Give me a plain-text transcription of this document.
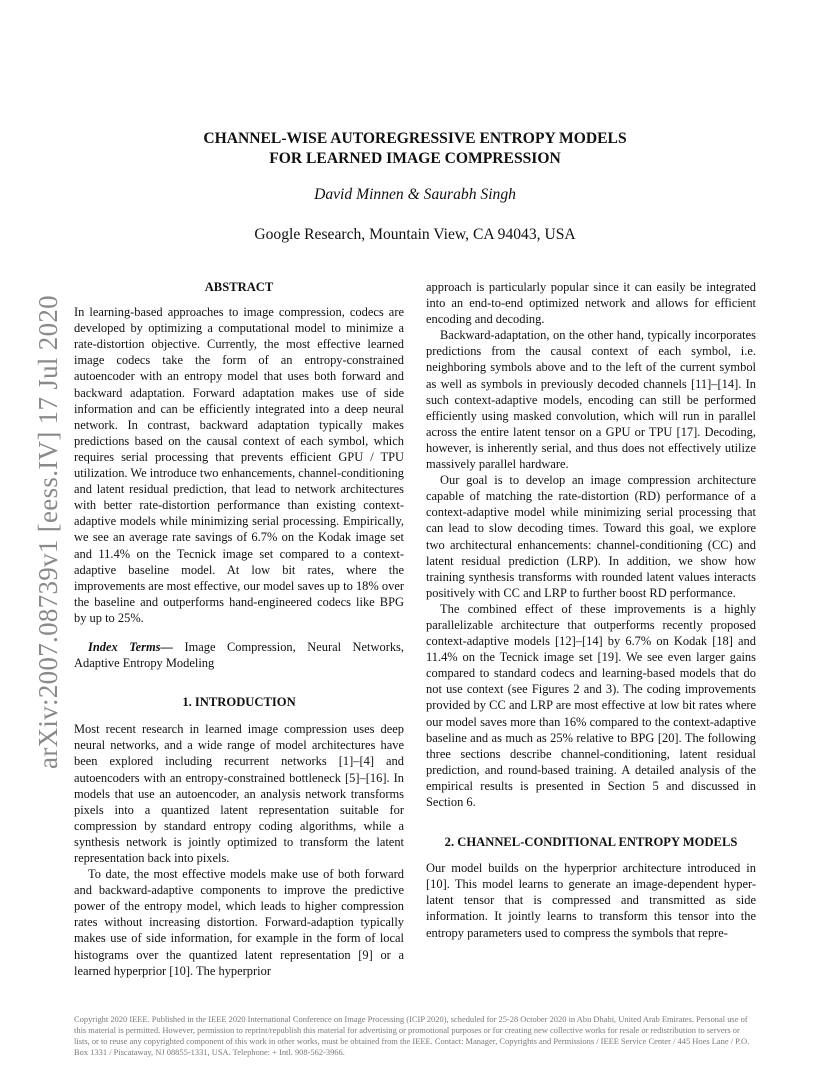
arXiv:2007.08739v1 [eess.IV] 17 Jul 2020
CHANNEL-WISE AUTOREGRESSIVE ENTROPY MODELS
FOR LEARNED IMAGE COMPRESSION

David Minnen & Saurabh Singh

Google Research, Mountain View, CA 94043, USA

ABSTRACT

In learning-based approaches to image compression, codecs are developed by optimizing a computational model to minimize a rate-distortion objective. Currently, the most effective learned image codecs take the form of an entropy-constrained autoencoder with an entropy model that uses both forward and backward adaptation. Forward adaptation makes use of side information and can be efficiently integrated into a deep neural network. In contrast, backward adaptation typically makes predictions based on the causal context of each symbol, which requires serial processing that prevents efficient GPU / TPU utilization. We introduce two enhancements, channel-conditioning and latent residual prediction, that lead to network architectures with better rate-distortion performance than existing context-adaptive models while minimizing serial processing. Empirically, we see an average rate savings of 6.7% on the Kodak image set and 11.4% on the Tecnick image set compared to a context-adaptive baseline model. At low bit rates, where the improvements are most effective, our model saves up to 18% over the baseline and outperforms hand-engineered codecs like BPG by up to 25%.

Index Terms— Image Compression, Neural Networks, Adaptive Entropy Modeling

1. INTRODUCTION

Most recent research in learned image compression uses deep neural networks, and a wide range of model architectures have been explored including recurrent networks [1]–[4] and autoencoders with an entropy-constrained bottleneck [5]–[16]. In models that use an autoencoder, an analysis network transforms pixels into a quantized latent representation suitable for compression by standard entropy coding algorithms, while a synthesis network is jointly optimized to transform the latent representation back into pixels.

To date, the most effective models make use of both forward and backward-adaptive components to improve the predictive power of the entropy model, which leads to higher compression rates without increasing distortion. Forward-adaption typically makes use of side information, for example in the form of local histograms over the quantized latent representation [9] or a learned hyperprior [10]. The hyperprior

approach is particularly popular since it can easily be integrated into an end-to-end optimized network and allows for efficient encoding and decoding.

Backward-adaptation, on the other hand, typically incorporates predictions from the causal context of each symbol, i.e. neighboring symbols above and to the left of the current symbol as well as symbols in previously decoded channels [11]–[14]. In such context-adaptive models, encoding can still be performed efficiently using masked convolution, which will run in parallel across the entire latent tensor on a GPU or TPU [17]. Decoding, however, is inherently serial, and thus does not effectively utilize massively parallel hardware.

Our goal is to develop an image compression architecture capable of matching the rate-distortion (RD) performance of a context-adaptive model while minimizing serial processing that can lead to slow decoding times. Toward this goal, we explore two architectural enhancements: channel-conditioning (CC) and latent residual prediction (LRP). In addition, we show how training synthesis transforms with rounded latent values interacts positively with CC and LRP to further boost RD performance.

The combined effect of these improvements is a highly parallelizable architecture that outperforms recently proposed context-adaptive models [12]–[14] by 6.7% on Kodak [18] and 11.4% on the Tecnick image set [19]. We see even larger gains compared to standard codecs and learning-based models that do not use context (see Figures 2 and 3). The coding improvements provided by CC and LRP are most effective at low bit rates where our model saves more than 16% compared to the context-adaptive baseline and as much as 25% relative to BPG [20]. The following three sections describe channel-conditioning, latent residual prediction, and round-based training. A detailed analysis of the empirical results is presented in Section 5 and discussed in Section 6.

2. CHANNEL-CONDITIONAL ENTROPY MODELS

Our model builds on the hyperprior architecture introduced in [10]. This model learns to generate an image-dependent hyper-latent tensor that is compressed and transmitted as side information. It jointly learns to transform this tensor into the entropy parameters used to compress the symbols that repre-

Copyright 2020 IEEE. Published in the IEEE 2020 International Conference on Image Processing (ICIP 2020), scheduled for 25-28 October 2020 in Abu Dhabi, United Arab Emirates. Personal use of this material is permitted. However, permission to reprint/republish this material for advertising or promotional purposes or for creating new collective works for resale or redistribution to servers or lists, or to reuse any copyrighted component of this work in other works, must be obtained from the IEEE. Contact: Manager, Copyrights and Permissions / IEEE Service Center / 445 Hoes Lane / P.O. Box 1331 / Piscataway, NJ 08855-1331, USA. Telephone: + Intl. 908-562-3966.
